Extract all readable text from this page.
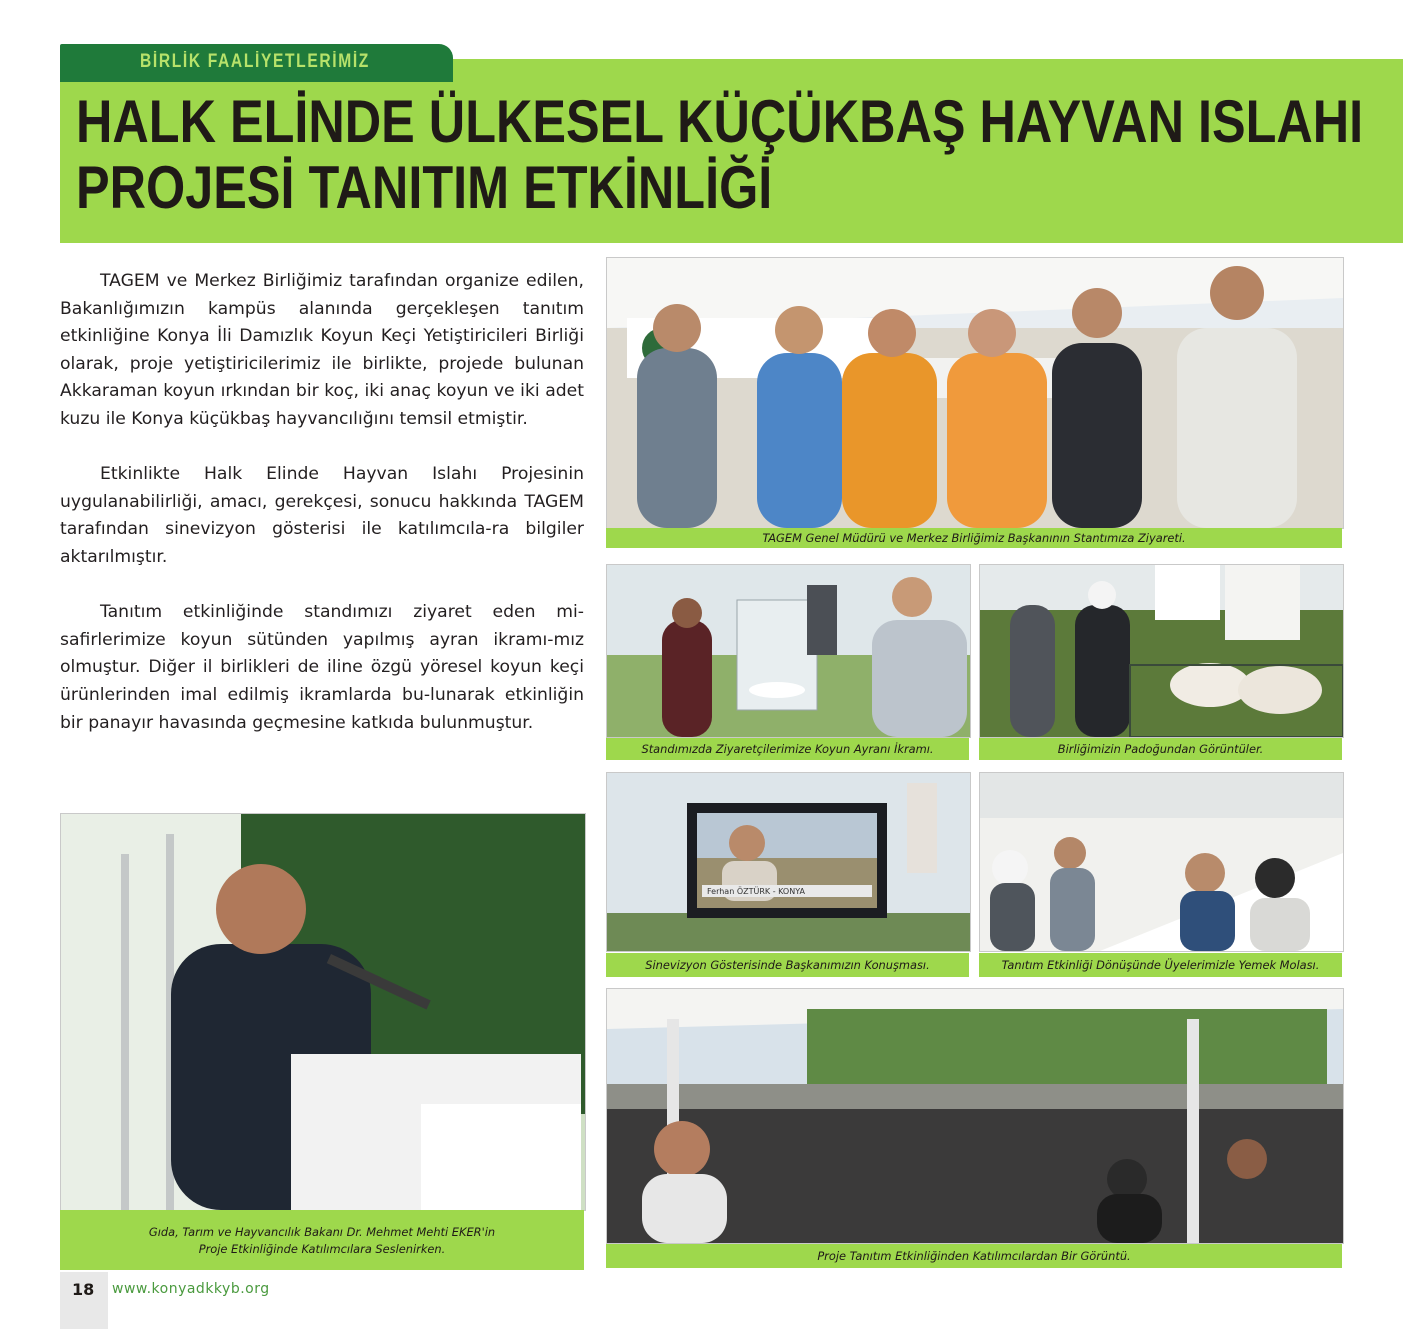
HALK ELİNDE ÜLKESEL KÜÇÜKBAŞ HAYVAN ISLAHI
PROJESİ TANITIM ETKİNLİĞİ
BİRLİK FAALİYETLERİMİZ

TAGEM ve Merkez Birliğimiz tarafından organize edilen, Bakanlığımızın kampüs alanında gerçekleşen tanıtım etkinliğine Konya İli Damızlık Koyun Keçi Yetiştiricileri Birliği olarak, proje yetiştiricilerimiz ile birlikte, projede bulunan Akkaraman koyun ırkından bir koç, iki anaç koyun ve iki adet kuzu ile Konya küçükbaş hayvancılığını temsil etmiştir.

Etkinlikte Halk Elinde Hayvan Islahı Projesinin uygulanabilirliği, amacı, gerekçesi, sonucu hakkında TAGEM tarafından sinevizyon gösterisi ile katılımcıla-ra bilgiler aktarılmıştır.

Tanıtım etkinliğinde standımızı ziyaret eden mi-safirlerimize koyun sütünden yapılmış ayran ikramı-mız olmuştur. Diğer il birlikleri de iline özgü yöresel koyun keçi ürünlerinden imal edilmiş ikramlarda bu-lunarak etkinliğin bir panayır havasında geçmesine katkıda bulunmuştur.

TAGEM Genel Müdürü ve Merkez Birliğimiz Başkanının Stantımıza Ziyareti.
Standımızda Ziyaretçilerimize Koyun Ayranı İkramı.	Birliğimizin Padoğundan Görüntüler.
Ferhan ÖZTÜRK - KONYA
Sinevizyon Gösterisinde Başkanımızın Konuşması.	Tanıtım Etkinliği Dönüşünde Üyelerimizle Yemek Molası.
Gıda, Tarım ve Hayvancılık Bakanı Dr. Mehmet Mehti EKER'in
Proje Etkinliğinde Katılımcılara Seslenirken.	Proje Tanıtım Etkinliğinden Katılımcılardan Bir Görüntü.
18 www.konyadkkyb.org
